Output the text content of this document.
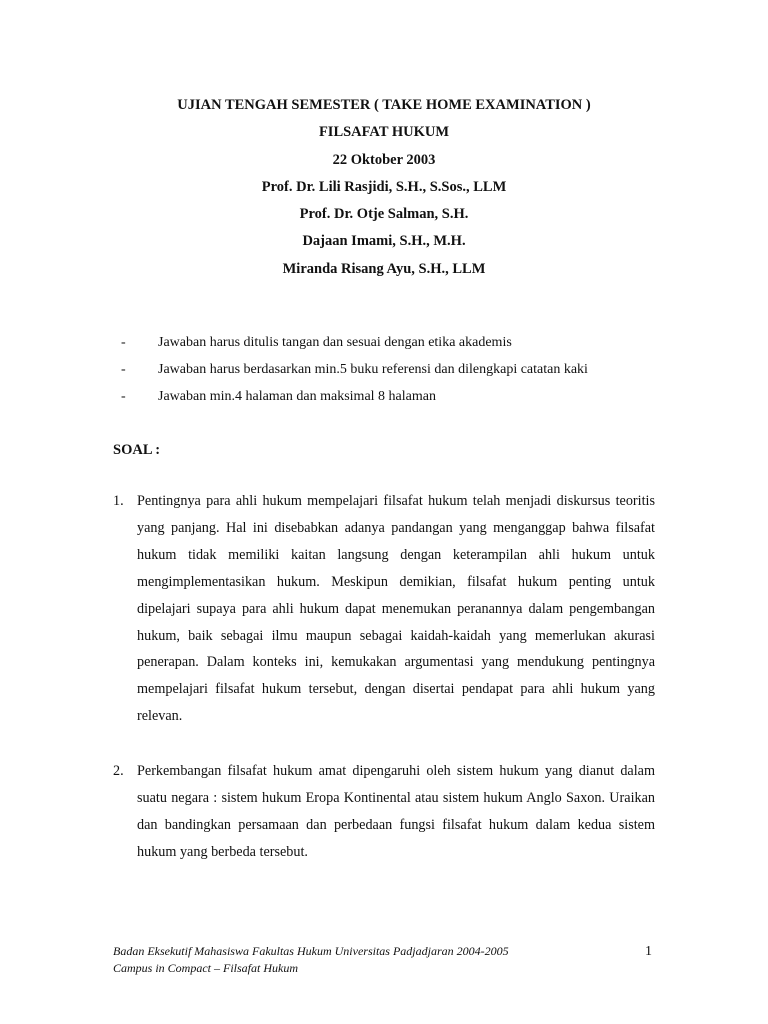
UJIAN TENGAH SEMESTER ( TAKE HOME EXAMINATION )
FILSAFAT HUKUM
22 Oktober 2003
Prof. Dr. Lili Rasjidi, S.H., S.Sos., LLM
Prof. Dr. Otje Salman, S.H.
Dajaan Imami, S.H., M.H.
Miranda Risang Ayu, S.H., LLM
-	Jawaban harus ditulis tangan dan sesuai dengan etika akademis
-	Jawaban harus berdasarkan min.5 buku referensi dan dilengkapi catatan kaki
-	Jawaban min.4 halaman dan maksimal 8 halaman
SOAL :
1. Pentingnya para ahli hukum mempelajari filsafat hukum telah menjadi diskursus teoritis yang panjang. Hal ini disebabkan adanya pandangan yang menganggap bahwa filsafat hukum tidak memiliki kaitan langsung dengan keterampilan ahli hukum untuk mengimplementasikan hukum. Meskipun demikian, filsafat hukum penting untuk dipelajari supaya para ahli hukum dapat menemukan peranannya dalam pengembangan hukum, baik sebagai ilmu maupun sebagai kaidah-kaidah yang memerlukan akurasi penerapan. Dalam konteks ini, kemukakan argumentasi yang mendukung pentingnya mempelajari filsafat hukum tersebut, dengan disertai pendapat para ahli hukum yang relevan.
2. Perkembangan filsafat hukum amat dipengaruhi oleh sistem hukum yang dianut dalam suatu negara : sistem hukum Eropa Kontinental atau sistem hukum Anglo Saxon. Uraikan dan bandingkan persamaan dan perbedaan fungsi filsafat hukum dalam kedua sistem hukum yang berbeda tersebut.
Badan Eksekutif Mahasiswa Fakultas Hukum Universitas Padjadjaran 2004-2005
Campus in Compact – Filsafat Hukum
1
